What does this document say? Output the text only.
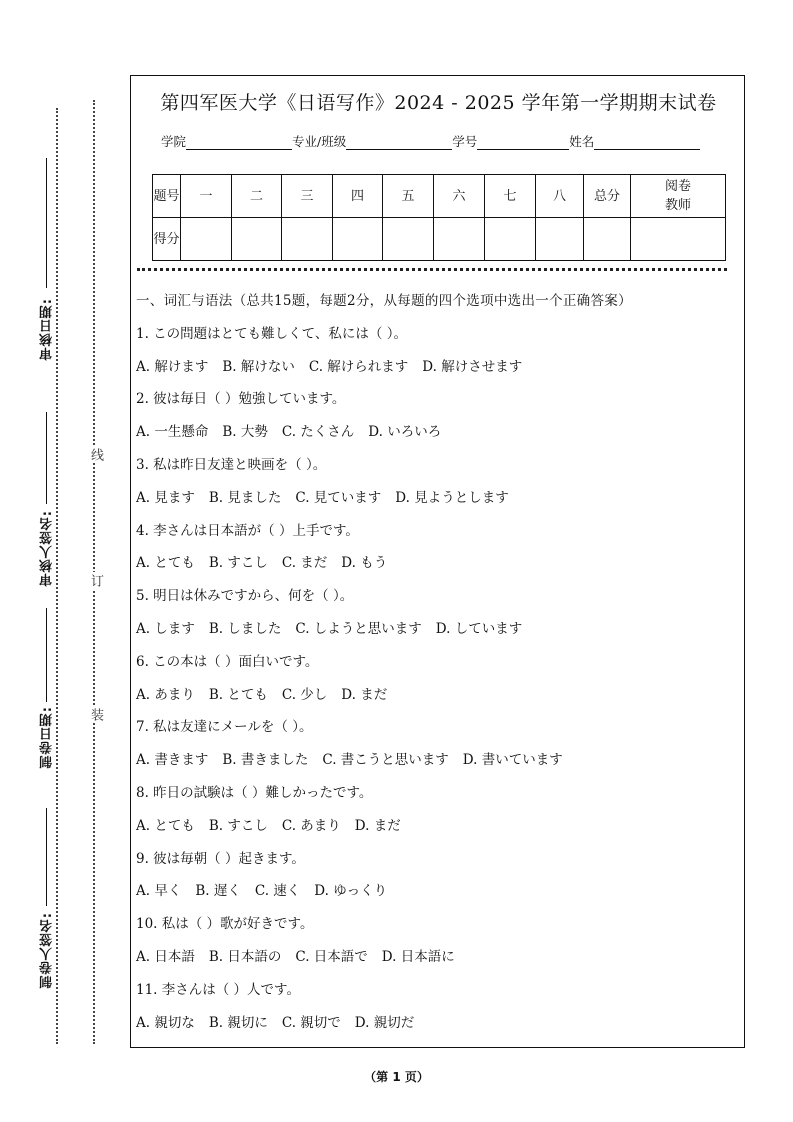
审核日期:
审核人签名:
制卷日期:
制卷人签名:
线
订
装
第四军医大学《日语写作》2024 - 2025 学年第一学期期末试卷
学院	专业/班级	学号	姓名
题号	一	二	三	四	五	六	七	八	总分	阅卷教师
得分										
一、词汇与语法（总共15题，每题2分，从每题的四个选项中选出一个正确答案）
1. この問題はとても難しくて、私には（ ）。
A. 解けます B. 解けない C. 解けられます D. 解けさせます
2. 彼は毎日（ ）勉強しています。
A. 一生懸命 B. 大勢 C. たくさん D. いろいろ
3. 私は昨日友達と映画を（ ）。
A. 見ます B. 見ました C. 見ています D. 見ようとします
4. 李さんは日本語が（ ）上手です。
A. とても B. すこし C. まだ D. もう
5. 明日は休みですから、何を（ ）。
A. します B. しました C. しようと思います D. しています
6. この本は（ ）面白いです。
A. あまり B. とても C. 少し D. まだ
7. 私は友達にメールを（ ）。
A. 書きます B. 書きました C. 書こうと思います D. 書いています
8. 昨日の試験は（ ）難しかったです。
A. とても B. すこし C. あまり D. まだ
9. 彼は毎朝（ ）起きます。
A. 早く B. 遅く C. 速く D. ゆっくり
10. 私は（ ）歌が好きです。
A. 日本語 B. 日本語の C. 日本語で D. 日本語に
11. 李さんは（ ）人です。
A. 親切な B. 親切に C. 親切で D. 親切だ
（第 1 页）
